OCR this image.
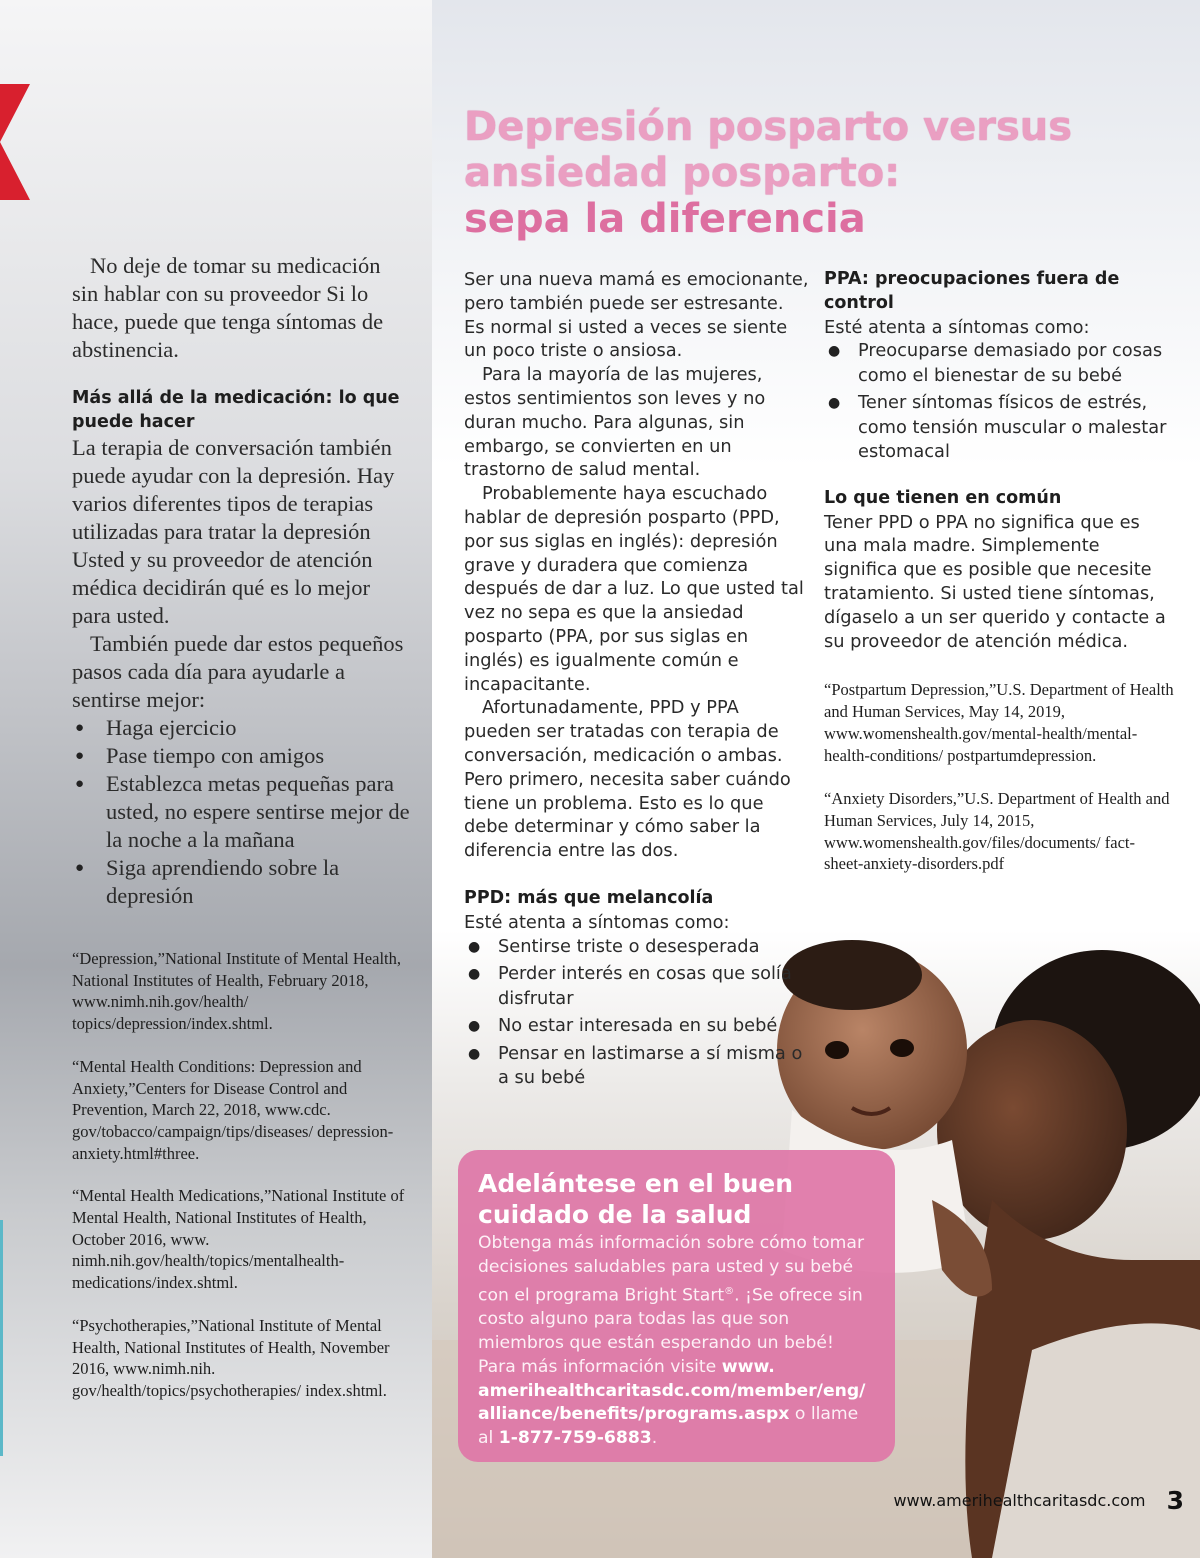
No deje de tomar su medicación sin hablar con su proveedor Si lo hace, puede que tenga síntomas de abstinencia.

Más allá de la medicación: lo que puede hacer

La terapia de conversación también puede ayudar con la depresión. Hay varios diferentes tipos de terapias utilizadas para tratar la depresión Usted y su proveedor de atención médica decidirán qué es lo mejor para usted.

También puede dar estos pequeños pasos cada día para ayudarle a sentirse mejor:

● Haga ejercicio
● Pase tiempo con amigos
● Establezca metas pequeñas para usted, no espere sentirse mejor de la noche a la mañana
● Siga aprendiendo sobre la depresión

“Depression,”National Institute of Mental Health, National Institutes of Health, February 2018, www.nimh.nih.gov/health/ topics/depression/index.shtml.

“Mental Health Conditions: Depression and Anxiety,”Centers for Disease Control and Prevention, March 22, 2018, www.cdc. gov/tobacco/campaign/tips/diseases/ depression-anxiety.html#three.

“Mental Health Medications,”National Institute of Mental Health, National Institutes of Health, October 2016, www. nimh.nih.gov/health/topics/mentalhealth-medications/index.shtml.

“Psychotherapies,”National Institute of Mental Health, National Institutes of Health, November 2016, www.nimh.nih. gov/health/topics/psychotherapies/ index.shtml.

Depresión posparto versus
ansiedad posparto:
sepa la diferencia

Ser una nueva mamá es emocionante, pero también puede ser estresante. Es normal si usted a veces se siente un poco triste o ansiosa.

Para la mayoría de las mujeres, estos sentimientos son leves y no duran mucho. Para algunas, sin embargo, se convierten en un trastorno de salud mental.

Probablemente haya escuchado hablar de depresión posparto (PPD, por sus siglas en inglés): depresión grave y duradera que comienza después de dar a luz. Lo que usted tal vez no sepa es que la ansiedad posparto (PPA, por sus siglas en inglés) es igualmente común e incapacitante.

Afortunadamente, PPD y PPA pueden ser tratadas con terapia de conversación, medicación o ambas. Pero primero, necesita saber cuándo tiene un problema. Esto es lo que debe determinar y cómo saber la diferencia entre las dos.

PPD: más que melancolía

Esté atenta a síntomas como:

● Sentirse triste o desesperada
● Perder interés en cosas que solía disfrutar
● No estar interesada en su bebé
● Pensar en lastimarse a sí misma o a su bebé
PPA: preocupaciones fuera de control

Esté atenta a síntomas como:

● Preocuparse demasiado por cosas como el bienestar de su bebé
● Tener síntomas físicos de estrés, como tensión muscular o malestar estomacal
Lo que tienen en común

Tener PPD o PPA no significa que es una mala madre. Simplemente significa que es posible que necesite tratamiento. Si usted tiene síntomas, dígaselo a un ser querido y contacte a su proveedor de atención médica.

“Postpartum Depression,”U.S. Department of Health and Human Services, May 14, 2019, www.womenshealth.gov/mental-health/mental-health-conditions/ postpartumdepression.

“Anxiety Disorders,”U.S. Department of Health and Human Services, July 14, 2015, www.womenshealth.gov/files/documents/ fact-sheet-anxiety-disorders.pdf

Adelántese en el buen cuidado de la salud

Obtenga más información sobre cómo tomar decisiones saludables para usted y su bebé con el programa Bright Start®. ¡Se ofrece sin costo alguno para todas las que son miembros que están esperando un bebé! Para más información visite www. amerihealthcaritasdc.com/member/eng/ alliance/benefits/programs.aspx o llame al 1-877-759-6883.

www.amerihealthcaritasdc.com 3
